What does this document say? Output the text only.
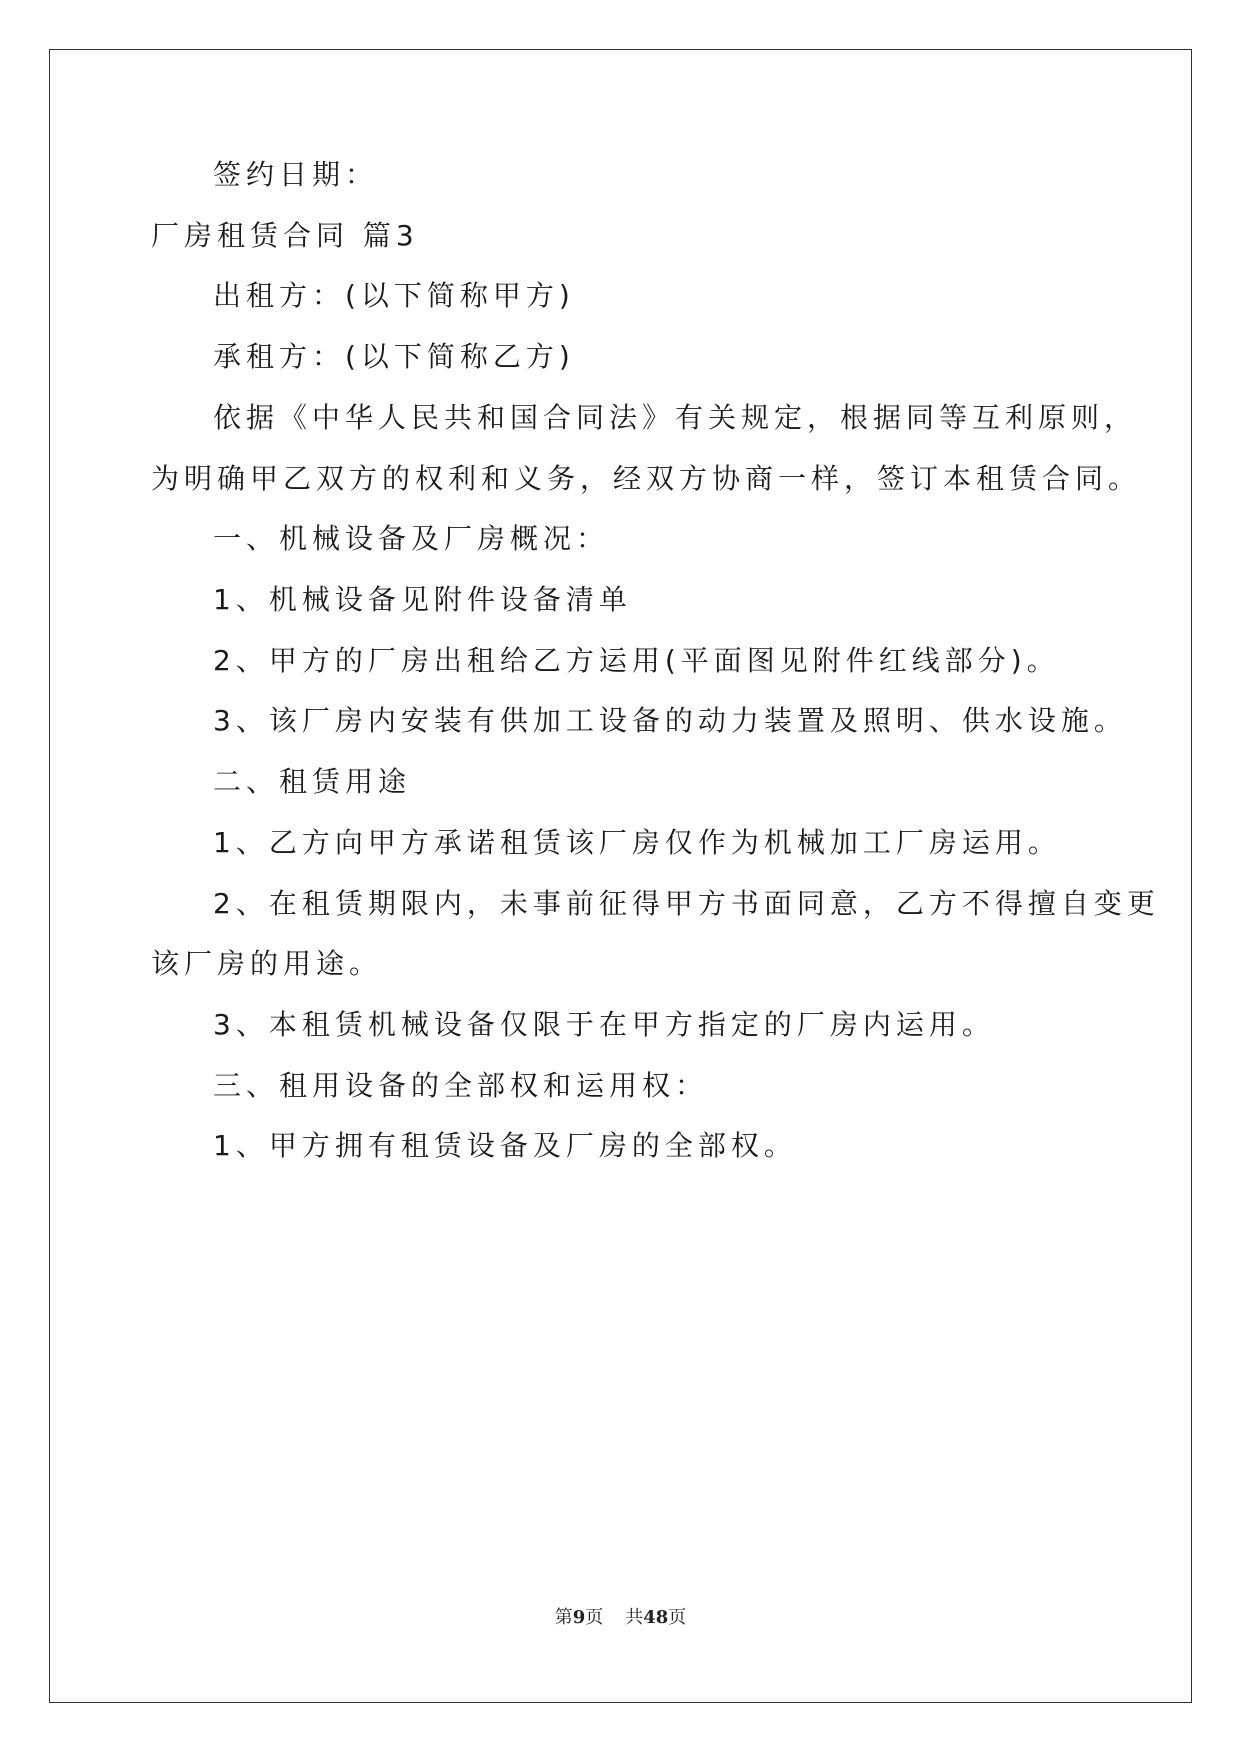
第9页 共48页
签约日期：
厂房租赁合同 篇3
出租方：(以下简称甲方)
承租方：(以下简称乙方)
依据《中华人民共和国合同法》有关规定，根据同等互利原则，
为明确甲乙双方的权利和义务，经双方协商一样，签订本租赁合同。
一、机械设备及厂房概况：
1、机械设备见附件设备清单
2、甲方的厂房出租给乙方运用(平面图见附件红线部分)。
3、该厂房内安装有供加工设备的动力装置及照明、供水设施。
二、租赁用途
1、乙方向甲方承诺租赁该厂房仅作为机械加工厂房运用。
2、在租赁期限内，未事前征得甲方书面同意，乙方不得擅自变更
该厂房的用途。
3、本租赁机械设备仅限于在甲方指定的厂房内运用。
三、租用设备的全部权和运用权：
1、甲方拥有租赁设备及厂房的全部权。
